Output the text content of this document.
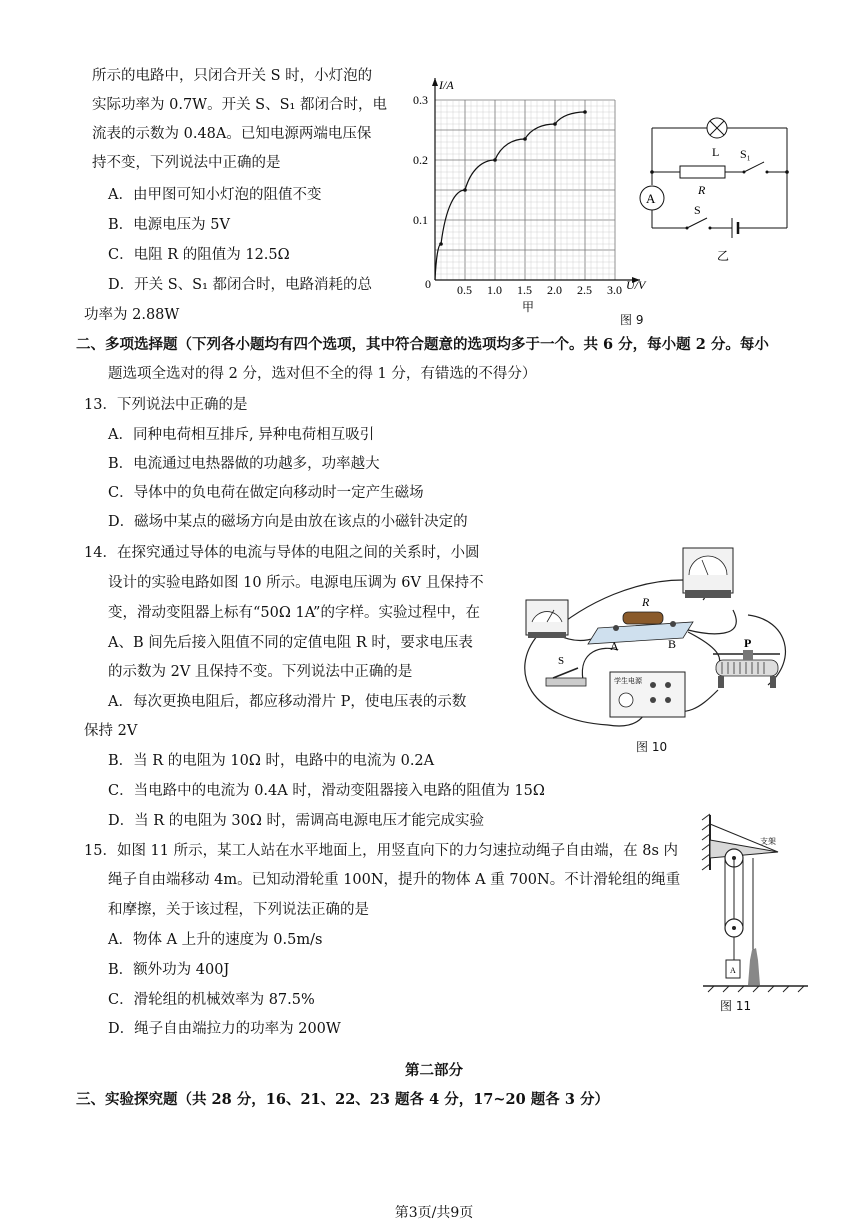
所示的电路中，只闭合开关 S 时，小灯泡的
实际功率为 0.7W。开关 S、S₁ 都闭合时，电
流表的示数为 0.48A。已知电源两端电压保
持不变，下列说法中正确的是
A．由甲图可知小灯泡的阻值不变
B．电源电压为 5V
C．电阻 R 的阻值为 12.5Ω
D．开关 S、S₁ 都闭合时，电路消耗的总
功率为 2.88W
0.5 1.0 1.5 2.0 2.5 3.0
0.1
0.2
0.3
I/A
U/V
0
甲
L
R
S₁
A
S
乙
图 9
二、多项选择题（下列各小题均有四个选项，其中符合题意的选项均多于一个。共 6 分，每小题 2 分。每小
题选项全选对的得 2 分，选对但不全的得 1 分，有错选的不得分）
13．下列说法中正确的是
A．同种电荷相互排斥, 异种电荷相互吸引
B．电流通过电热器做的功越多，功率越大
C．导体中的负电荷在做定向移动时一定产生磁场
D．磁场中某点的磁场方向是由放在该点的小磁针决定的
14．在探究通过导体的电流与导体的电阻之间的关系时，小圆
设计的实验电路如图 10 所示。电源电压调为 6V 且保持不
变，滑动变阻器上标有“50Ω 1A”的字样。实验过程中，在
A、B 间先后接入阻值不同的定值电阻 R 时，要求电压表
的示数为 2V 且保持不变。下列说法中正确的是
A．每次更换电阻后，都应移动滑片 P，使电压表的示数
保持 2V
B．当 R 的电阻为 10Ω 时，电路中的电流为 0.2A
C．当电路中的电流为 0.4A 时，滑动变阻器接入电路的阻值为 15Ω
D．当 R 的电阻为 30Ω 时，需调高电源电压才能完成实验
R
A	B	P
S
学生电源
图 10
15．如图 11 所示，某工人站在水平地面上，用竖直向下的力匀速拉动绳子自由端，在 8s 内
绳子自由端移动 4m。已知动滑轮重 100N，提升的物体 A 重 700N。不计滑轮组的绳重
和摩擦，关于该过程，下列说法正确的是
A．物体 A 上升的速度为 0.5m/s
B．额外功为 400J
C．滑轮组的机械效率为 87.5%
D．绳子自由端拉力的功率为 200W
支架
A
图 11
第二部分
三、实验探究题（共 28 分，16、21、22、23 题各 4 分，17~20 题各 3 分）
第3页/共9页
